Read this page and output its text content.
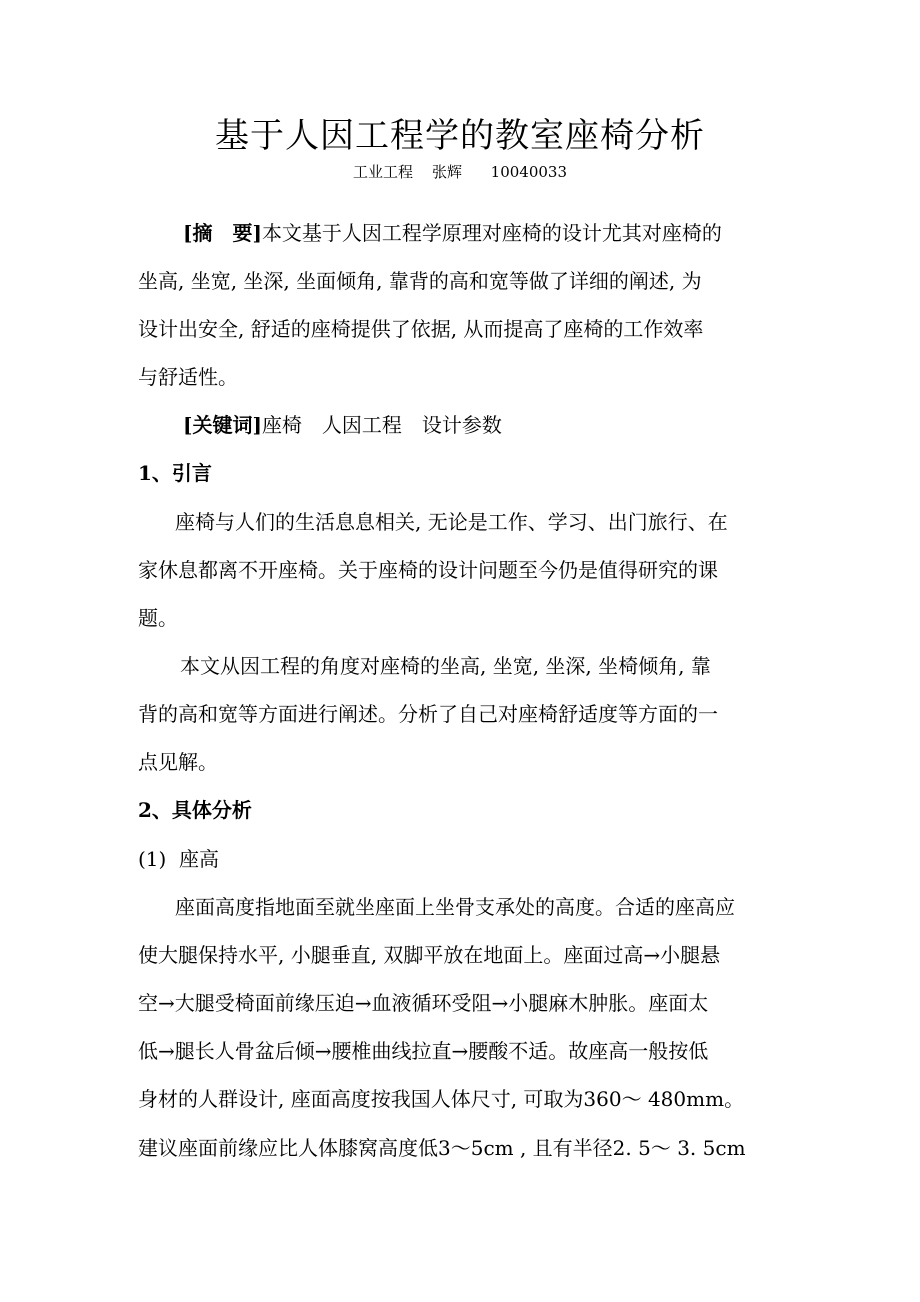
基于人因工程学的教室座椅分析
工业工程    张辉      10040033
[摘　要]本文基于人因工程学原理对座椅的设计尤其对座椅的
坐高, 坐宽, 坐深, 坐面倾角, 靠背的高和宽等做了详细的阐述, 为
设计出安全, 舒适的座椅提供了依据, 从而提高了座椅的工作效率
与舒适性。
[关键词]座椅　人因工程　设计参数
1、引言
座椅与人们的生活息息相关, 无论是工作、学习、出门旅行、在
家休息都离不开座椅。关于座椅的设计问题至今仍是值得研究的课
题。
本文从因工程的角度对座椅的坐高, 坐宽, 坐深, 坐椅倾角, 靠
背的高和宽等方面进行阐述。分析了自己对座椅舒适度等方面的一
点见解。
2、具体分析
(1)  座高
座面高度指地面至就坐座面上坐骨支承处的高度。合适的座高应
使大腿保持水平, 小腿垂直, 双脚平放在地面上。座面过高→小腿悬
空→大腿受椅面前缘压迫→血液循环受阻→小腿麻木肿胀。座面太
低→腿长人骨盆后倾→腰椎曲线拉直→腰酸不适。故座高一般按低
身材的人群设计, 座面高度按我国人体尺寸, 可取为360～ 480mm。
建议座面前缘应比人体膝窝高度低3～5cm , 且有半径2. 5～ 3. 5cm
